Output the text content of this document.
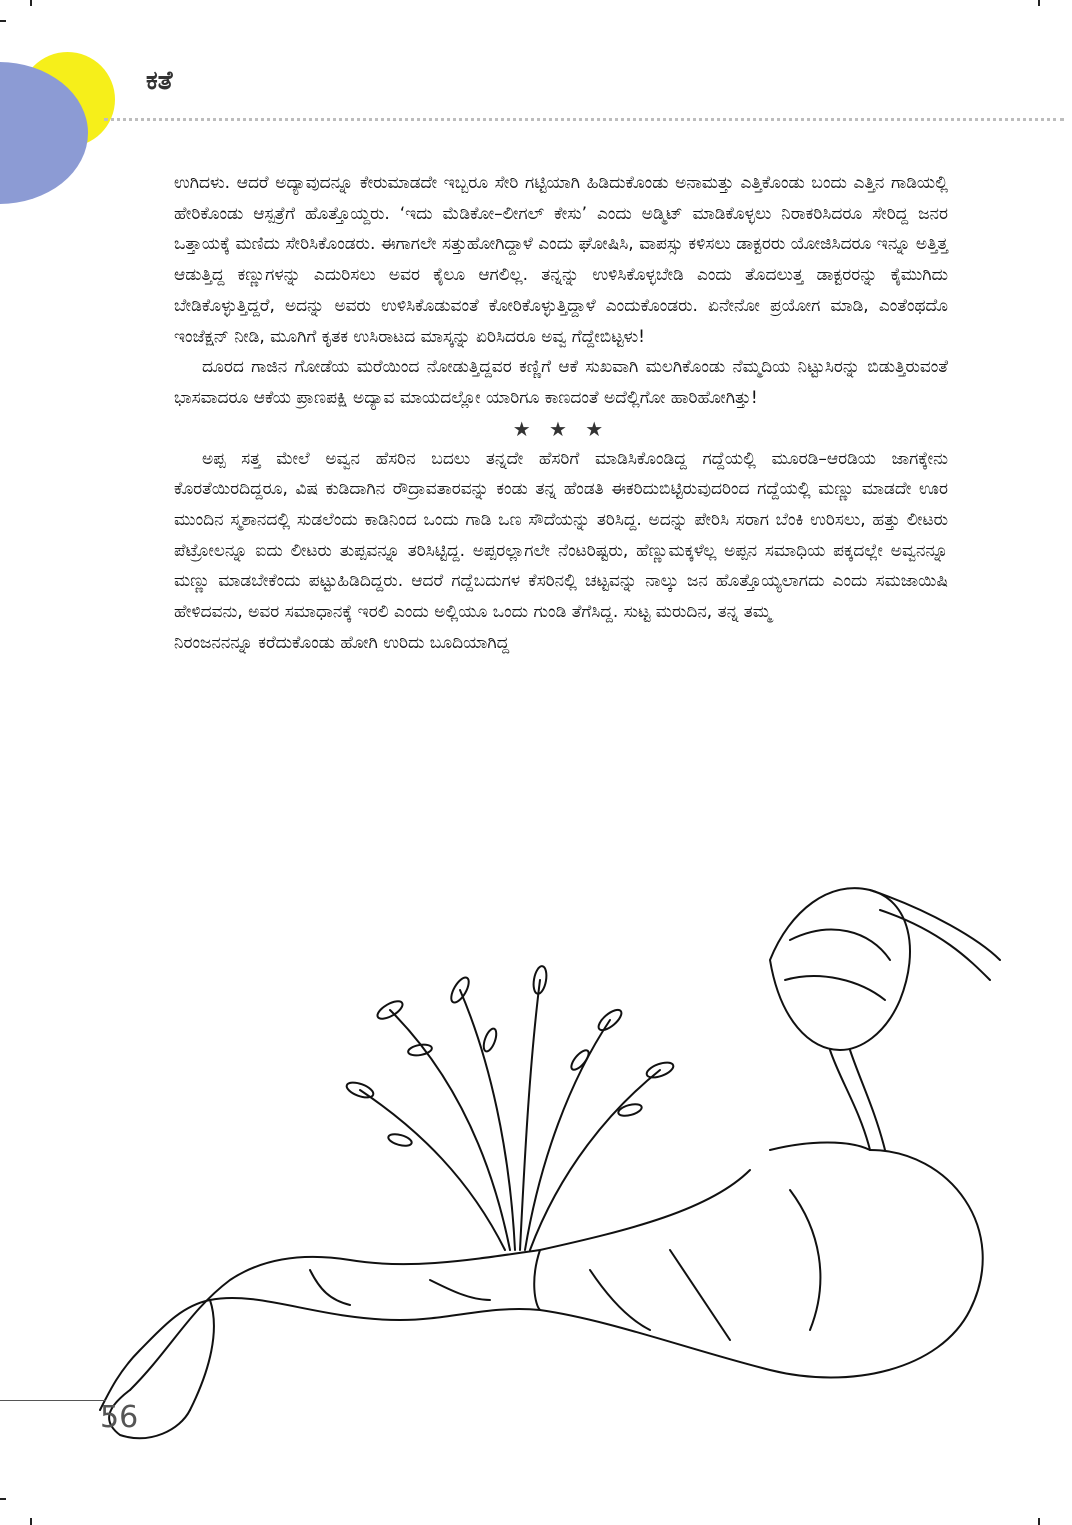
ಕತೆ

ಉಗಿದಳು. ಆದರೆ ಅದ್ಯಾವುದನ್ನೂ ಕೇರುಮಾಡದೇ ಇಬ್ಬರೂ ಸೇರಿ ಗಟ್ಟಿಯಾಗಿ ಹಿಡಿದುಕೊಂಡು ಅನಾಮತ್ತು ಎತ್ತಿಕೊಂಡು ಬಂದು ಎತ್ತಿನ ಗಾಡಿಯಲ್ಲಿ ಹೇರಿಕೊಂಡು ಆಸ್ಪತ್ರೆಗೆ ಹೊತ್ತೊಯ್ದರು. ‘ಇದು ಮೆಡಿಕೋ–ಲೀಗಲ್ ಕೇಸು’ ಎಂದು ಅಡ್ಮಿಟ್ ಮಾಡಿಕೊಳ್ಳಲು ನಿರಾಕರಿಸಿದರೂ ಸೇರಿದ್ದ ಜನರ ಒತ್ತಾಯಕ್ಕೆ ಮಣಿದು ಸೇರಿಸಿಕೊಂಡರು. ಈಗಾಗಲೇ ಸತ್ತುಹೋಗಿದ್ದಾಳೆ ಎಂದು ಘೋಷಿಸಿ, ವಾಪಸ್ಸು ಕಳಿಸಲು ಡಾಕ್ಟರರು ಯೋಜಿಸಿದರೂ ಇನ್ನೂ ಅತ್ತಿತ್ತ ಆಡುತ್ತಿದ್ದ ಕಣ್ಣುಗಳನ್ನು ಎದುರಿಸಲು ಅವರ ಕೈಲೂ ಆಗಲಿಲ್ಲ. ತನ್ನನ್ನು ಉಳಿಸಿಕೊಳ್ಳಬೇಡಿ ಎಂದು ತೊದಲುತ್ತ ಡಾಕ್ಟರರನ್ನು ಕೈಮುಗಿದು ಬೇಡಿಕೊಳ್ಳುತ್ತಿದ್ದರೆ, ಅದನ್ನು ಅವರು ಉಳಿಸಿಕೊಡುವಂತೆ ಕೋರಿಕೊಳ್ಳುತ್ತಿದ್ದಾಳೆ ಎಂದುಕೊಂಡರು. ಏನೇನೋ ಪ್ರಯೋಗ ಮಾಡಿ, ಎಂತೆಂಥದೊ ಇಂಜೆಕ್ಷನ್ ನೀಡಿ, ಮೂಗಿಗೆ ಕೃತಕ ಉಸಿರಾಟದ ಮಾಸ್ಕನ್ನು ಏರಿಸಿದರೂ ಅವ್ವ ಗೆದ್ದೇಬಿಟ್ಟಳು!

ದೂರದ ಗಾಜಿನ ಗೋಡೆಯ ಮರೆಯಿಂದ ನೋಡುತ್ತಿದ್ದವರ ಕಣ್ಣಿಗೆ ಆಕೆ ಸುಖವಾಗಿ ಮಲಗಿಕೊಂಡು ನೆಮ್ಮದಿಯ ನಿಟ್ಟುಸಿರನ್ನು ಬಿಡುತ್ತಿರುವಂತೆ ಭಾಸವಾದರೂ ಆಕೆಯ ಪ್ರಾಣಪಕ್ಷಿ ಅದ್ಯಾವ ಮಾಯದಲ್ಲೋ ಯಾರಿಗೂ ಕಾಣದಂತೆ ಅದೆಲ್ಲಿಗೋ ಹಾರಿಹೋಗಿತ್ತು!

★ ★ ★

ಅಪ್ಪ ಸತ್ತ ಮೇಲೆ ಅವ್ವನ ಹೆಸರಿನ ಬದಲು ತನ್ನದೇ ಹೆಸರಿಗೆ ಮಾಡಿಸಿಕೊಂಡಿದ್ದ ಗದ್ದೆಯಲ್ಲಿ ಮೂರಡಿ–ಆರಡಿಯ ಜಾಗಕ್ಕೇನು ಕೊರತೆಯಿರದಿದ್ದರೂ, ವಿಷ ಕುಡಿದಾಗಿನ ರೌದ್ರಾವತಾರವನ್ನು ಕಂಡು ತನ್ನ ಹೆಂಡತಿ ಈಕರಿದುಬಿಟ್ಟಿರುವುದರಿಂದ ಗದ್ದೆಯಲ್ಲಿ ಮಣ್ಣು ಮಾಡದೇ ಊರ ಮುಂದಿನ ಸ್ಮಶಾನದಲ್ಲಿ ಸುಡಲೆಂದು ಕಾಡಿನಿಂದ ಒಂದು ಗಾಡಿ ಒಣ ಸೌದೆಯನ್ನು ತರಿಸಿದ್ದ. ಅದನ್ನು ಪೇರಿಸಿ ಸರಾಗ ಬೆಂಕಿ ಉರಿಸಲು, ಹತ್ತು ಲೀಟರು ಪೆಟ್ರೋಲನ್ನೂ ಐದು ಲೀಟರು ತುಪ್ಪವನ್ನೂ ತರಿಸಿಟ್ಟಿದ್ದ. ಅಪ್ಪರಲ್ಲಾಗಲೇ ನೆಂಟರಿಷ್ಟರು, ಹೆಣ್ಣುಮಕ್ಕಳೆಲ್ಲ ಅಪ್ಪನ ಸಮಾಧಿಯ ಪಕ್ಕದಲ್ಲೇ ಅವ್ವನನ್ನೂ ಮಣ್ಣು ಮಾಡಬೇಕೆಂದು ಪಟ್ಟುಹಿಡಿದಿದ್ದರು. ಆದರೆ ಗದ್ದೆಬದುಗಳ ಕೆಸರಿನಲ್ಲಿ ಚಟ್ಟವನ್ನು ನಾಲ್ಕು ಜನ ಹೊತ್ತೊಯ್ಯಲಾಗದು ಎಂದು ಸಮಜಾಯಿಷಿ ಹೇಳಿದವನು, ಅವರ ಸಮಾಧಾನಕ್ಕೆ ಇರಲಿ ಎಂದು ಅಲ್ಲಿಯೂ ಒಂದು ಗುಂಡಿ ತೆಗೆಸಿದ್ದ. ಸುಟ್ಟ ಮರುದಿನ, ತನ್ನ ತಮ್ಮ

ನಿರಂಜನನನ್ನೂ ಕರೆದುಕೊಂಡು ಹೋಗಿ ಉರಿದು ಬೂದಿಯಾಗಿದ್ದ

56
